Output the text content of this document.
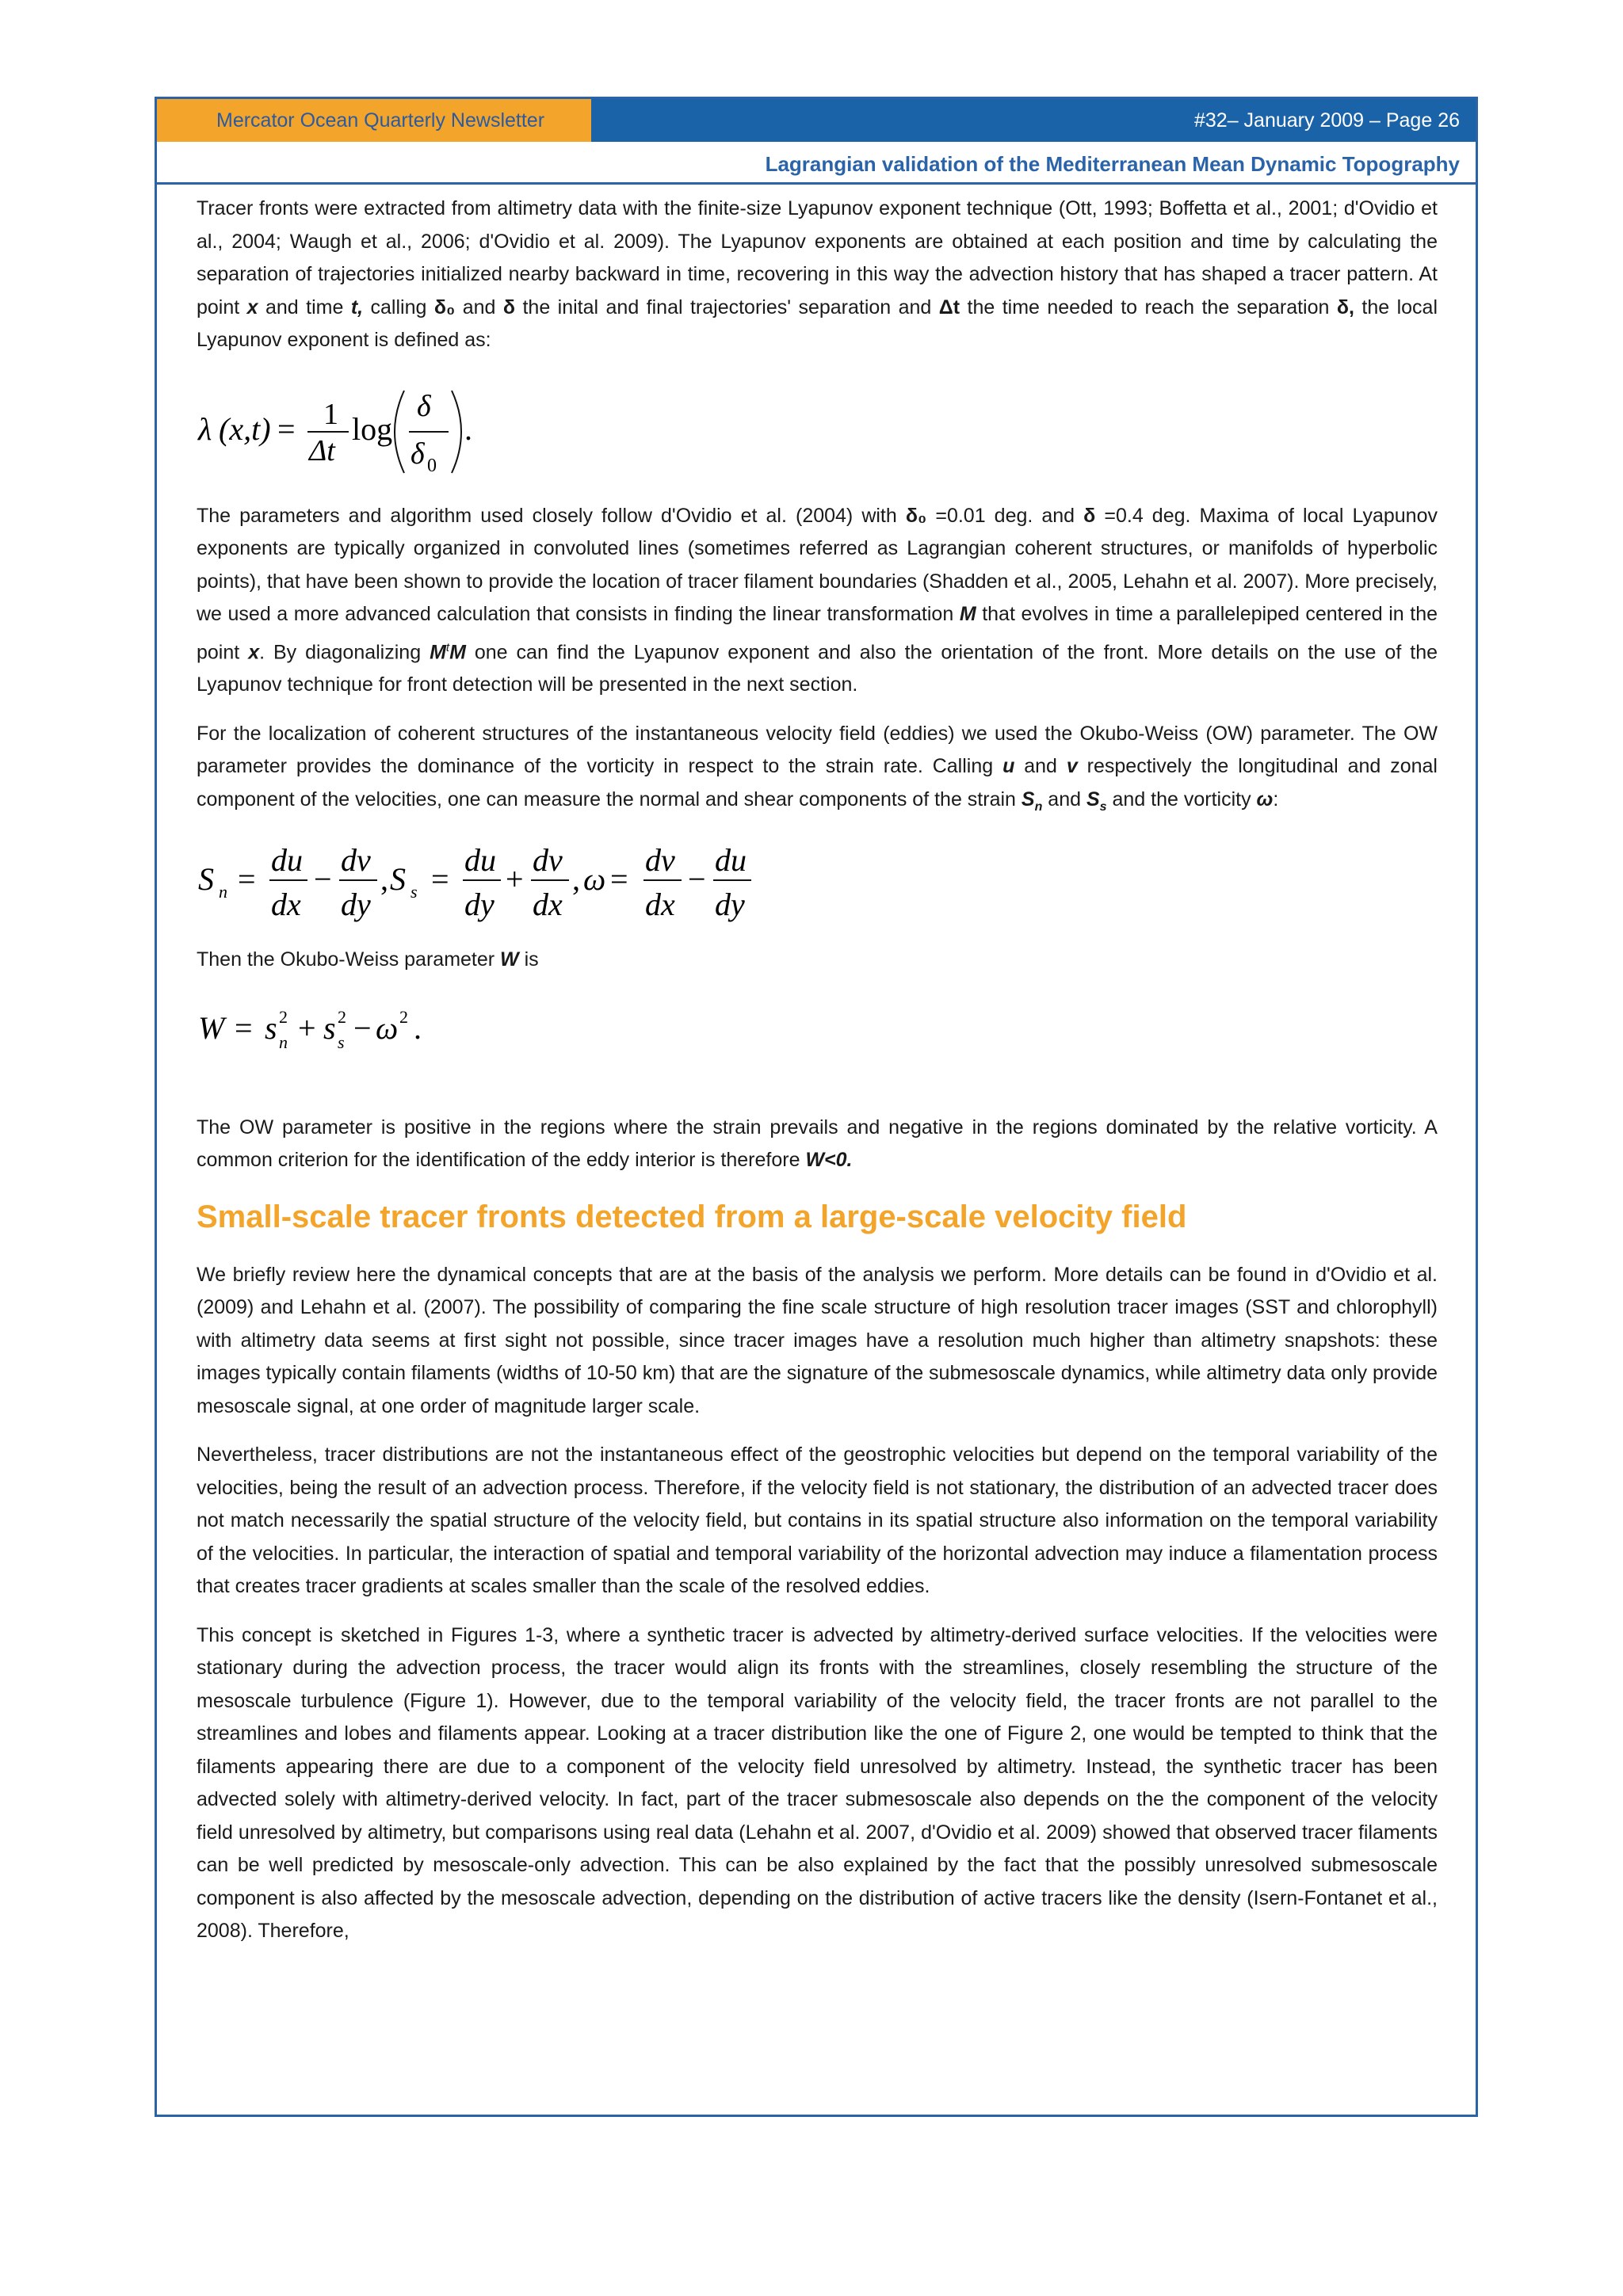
Mercator Ocean Quarterly Newsletter	#32– January 2009 – Page 26
Lagrangian validation of the Mediterranean Mean Dynamic Topography

Tracer fronts were extracted from altimetry data with the finite-size Lyapunov exponent technique (Ott, 1993; Boffetta et al., 2001; d'Ovidio et al., 2004; Waugh et al., 2006; d'Ovidio et al. 2009). The Lyapunov exponents are obtained at each position and time by calculating the separation of trajectories initialized nearby backward in time, recovering in this way the advection history that has shaped a tracer pattern. At point x and time t, calling δ₀ and δ the inital and final trajectories' separation and Δt the time needed to reach the separation δ, the local Lyapunov exponent is defined as:

λ (x,t) = 1
Δt
log
δ
δ 0
.

The parameters and algorithm used closely follow d'Ovidio et al. (2004) with δ₀ =0.01 deg. and δ =0.4 deg. Maxima of local Lyapunov exponents are typically organized in convoluted lines (sometimes referred as Lagrangian coherent structures, or manifolds of hyperbolic points), that have been shown to provide the location of tracer filament boundaries (Shadden et al., 2005, Lehahn et al. 2007). More precisely, we used a more advanced calculation that consists in finding the linear transformation M that evolves in time a parallelepiped centered in the point x. By diagonalizing $M^tM$ one can find the Lyapunov exponent and also the orientation of the front. More details on the use of the Lyapunov technique for front detection will be presented in the next section.

For the localization of coherent structures of the instantaneous velocity field (eddies) we used the Okubo-Weiss (OW) parameter. The OW parameter provides the dominance of the vorticity in respect to the strain rate. Calling u and v respectively the longitudinal and zonal component of the velocities, one can measure the normal and shear components of the strain $S_n$ and $S_s$ and the vorticity ω:

S n =
du
dx
−
dv
dy
, S s =
du
dy
+
dv
dx
, ω =
dv
dx
−
du
dy

Then the Okubo-Weiss parameter W is

W = s 2
n + s 2
s − ω 2 .

The OW parameter is positive in the regions where the strain prevails and negative in the regions dominated by the relative vorticity. A common criterion for the identification of the eddy interior is therefore W<0.

Small-scale tracer fronts detected from a large-scale velocity field

We briefly review here the dynamical concepts that are at the basis of the analysis we perform. More details can be found in d'Ovidio et al. (2009) and Lehahn et al. (2007). The possibility of comparing the fine scale structure of high resolution tracer images (SST and chlorophyll) with altimetry data seems at first sight not possible, since tracer images have a resolution much higher than altimetry snapshots: these images typically contain filaments (widths of 10-50 km) that are the signature of the submesoscale dynamics, while altimetry data only provide mesoscale signal, at one order of magnitude larger scale.

Nevertheless, tracer distributions are not the instantaneous effect of the geostrophic velocities but depend on the temporal variability of the velocities, being the result of an advection process. Therefore, if the velocity field is not stationary, the distribution of an advected tracer does not match necessarily the spatial structure of the velocity field, but contains in its spatial structure also information on the temporal variability of the velocities. In particular, the interaction of spatial and temporal variability of the horizontal advection may induce a filamentation process that creates tracer gradients at scales smaller than the scale of the resolved eddies.

This concept is sketched in Figures 1-3, where a synthetic tracer is advected by altimetry-derived surface velocities. If the velocities were stationary during the advection process, the tracer would align its fronts with the streamlines, closely resembling the structure of the mesoscale turbulence (Figure 1). However, due to the temporal variability of the velocity field, the tracer fronts are not parallel to the streamlines and lobes and filaments appear. Looking at a tracer distribution like the one of Figure 2, one would be tempted to think that the filaments appearing there are due to a component of the velocity field unresolved by altimetry. Instead, the synthetic tracer has been advected solely with altimetry-derived velocity. In fact, part of the tracer submesoscale also depends on the the component of the velocity field unresolved by altimetry, but comparisons using real data (Lehahn et al. 2007, d'Ovidio et al. 2009) showed that observed tracer filaments can be well predicted by mesoscale-only advection. This can be also explained by the fact that the possibly unresolved submesoscale component is also affected by the mesoscale advection, depending on the distribution of active tracers like the density (Isern-Fontanet et al., 2008). Therefore,
